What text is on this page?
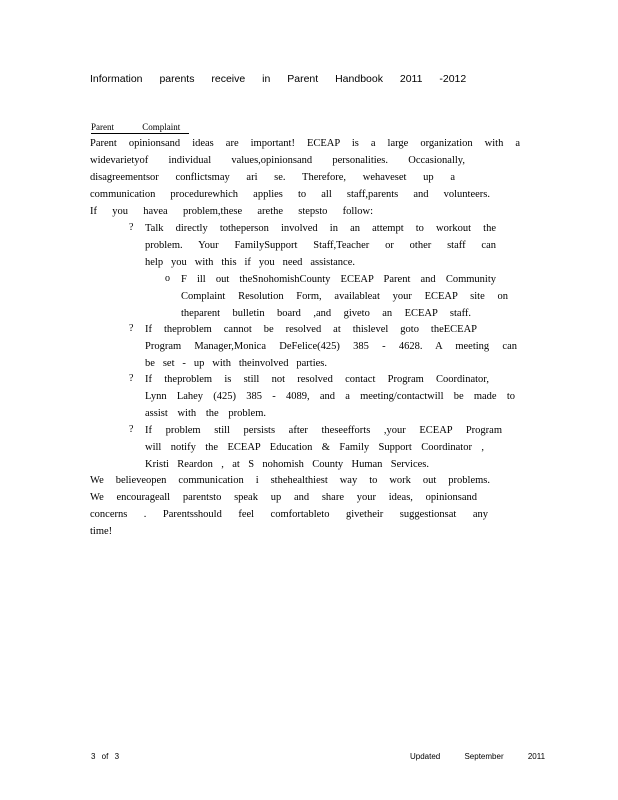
Information parents receive in Parent Handbook 2011 -2012
Parent Complaint
Parent opinionsand ideas are important! ECEAP is a large organization with a
widevarietyof individual values,opinionsand personalities. Occasionally,
disagreementsor conflictsmay ari se. Therefore, wehaveset up a
communication procedurewhich applies to all staff,parents and volunteers.
If you havea problem,these arethe stepsto follow:
? Talk directly totheperson involved in an attempt to workout the
problem. Your FamilySupport Staff,Teacher or other staff can
help you with this if you need assistance.
o F ill out theSnohomishCounty ECEAP Parent and Community
Complaint Resolution Form, availableat your ECEAP site on
theparent bulletin board ,and giveto an ECEAP staff.
? If theproblem cannot be resolved at thislevel goto theECEAP
Program Manager,Monica DeFelice(425) 385 - 4628. A meeting can
be set - up with theinvolved parties.
? If theproblem is still not resolved contact Program Coordinator,
Lynn Lahey (425) 385 - 4089, and a meeting/contactwill be made to
assist with the problem.
? If problem still persists after theseefforts ,your ECEAP Program
will notify the ECEAP Education & Family Support Coordinator ,
Kristi Reardon , at S nohomish County Human Services.
We believeopen communication i sthehealthiest way to work out problems.
We encourageall parentsto speak up and share your ideas, opinionsand
concerns . Parentsshould feel comfortableto givetheir suggestionsat any
time!
3 of 3	Updated September 2011
